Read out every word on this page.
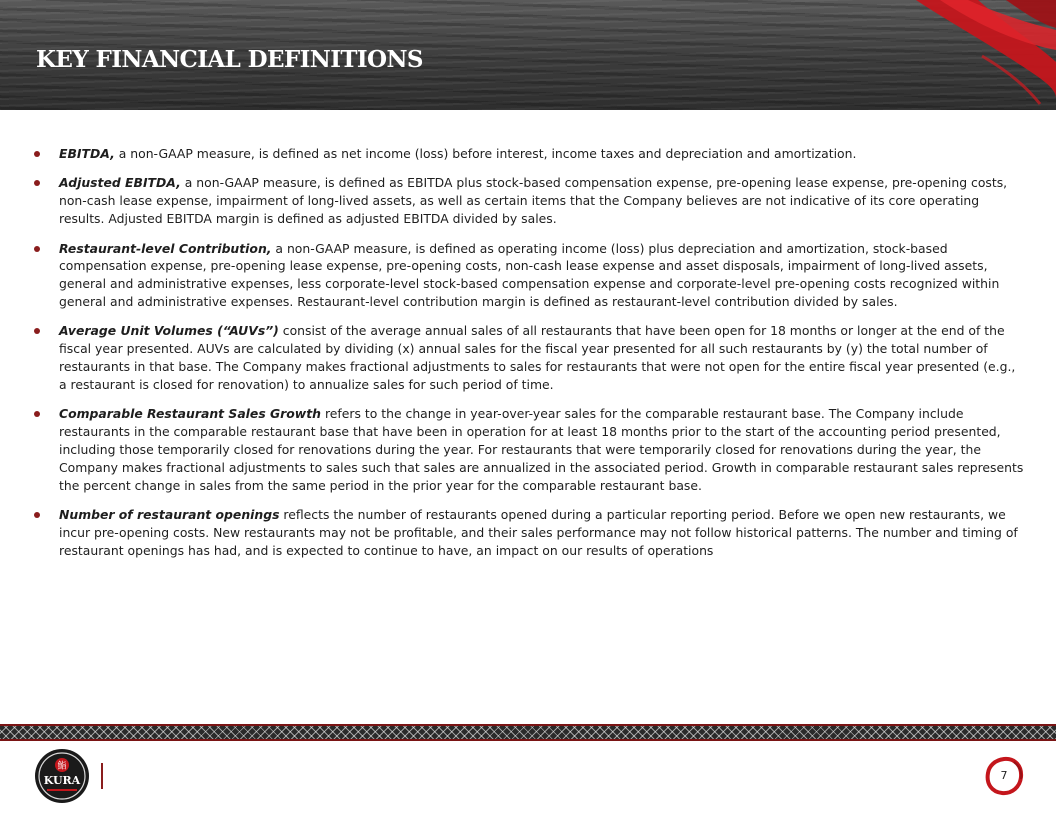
KEY FINANCIAL DEFINITIONS
EBITDA, a non-GAAP measure, is defined as net income (loss) before interest, income taxes and depreciation and amortization.
Adjusted EBITDA, a non-GAAP measure, is defined as EBITDA plus stock-based compensation expense, pre-opening lease expense, pre-opening costs, non-cash lease expense, impairment of long-lived assets, as well as certain items that the Company believes are not indicative of its core operating results. Adjusted EBITDA margin is defined as adjusted EBITDA divided by sales.
Restaurant-level Contribution, a non-GAAP measure, is defined as operating income (loss) plus depreciation and amortization, stock-based compensation expense, pre-opening lease expense, pre-opening costs, non-cash lease expense and asset disposals, impairment of long-lived assets, general and administrative expenses, less corporate-level stock-based compensation expense and corporate-level pre-opening costs recognized within general and administrative expenses. Restaurant-level contribution margin is defined as restaurant-level contribution divided by sales.
Average Unit Volumes (“AUVs”) consist of the average annual sales of all restaurants that have been open for 18 months or longer at the end of the fiscal year presented. AUVs are calculated by dividing (x) annual sales for the fiscal year presented for all such restaurants by (y) the total number of restaurants in that base. The Company makes fractional adjustments to sales for restaurants that were not open for the entire fiscal year presented (e.g., a restaurant is closed for renovation) to annualize sales for such period of time.
Comparable Restaurant Sales Growth refers to the change in year-over-year sales for the comparable restaurant base. The Company include restaurants in the comparable restaurant base that have been in operation for at least 18 months prior to the start of the accounting period presented, including those temporarily closed for renovations during the year. For restaurants that were temporarily closed for renovations during the year, the Company makes fractional adjustments to sales such that sales are annualized in the associated period. Growth in comparable restaurant sales represents the percent change in sales from the same period in the prior year for the comparable restaurant base.
Number of restaurant openings reflects the number of restaurants opened during a particular reporting period. Before we open new restaurants, we incur pre-opening costs. New restaurants may not be profitable, and their sales performance may not follow historical patterns. The number and timing of restaurant openings has had, and is expected to continue to have, an impact on our results of operations
鮨
KURA	7
